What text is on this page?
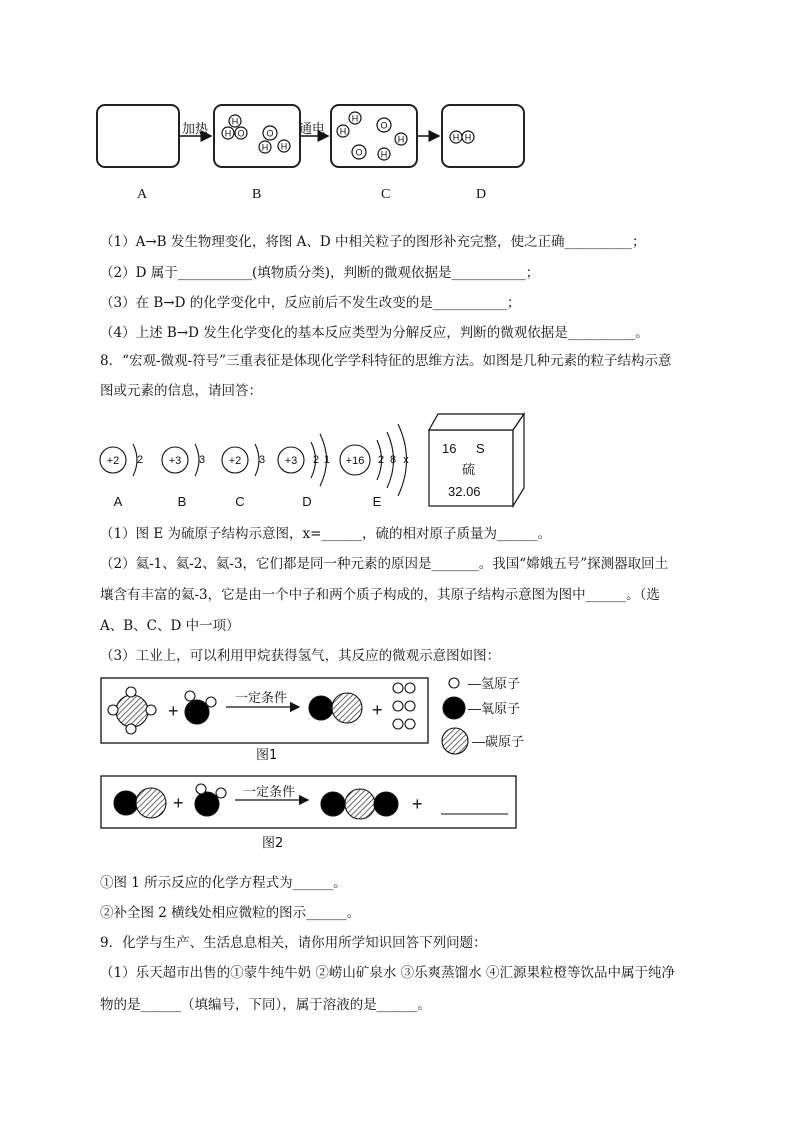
H
H O O
H H
H
H
O
H
O H
H H
加热	通电
A	B	C	D
（1）A→B 发生物理变化，将图 A、D 中相关粒子的图形补充完整，使之正确__________；
（2）D 属于___________(填物质分类)，判断的微观依据是___________；
（3）在 B→D 的化学变化中，反应前后不发生改变的是___________；
（4）上述 B→D 发生化学变化的基本反应类型为分解反应，判断的微观依据是__________。
8．“宏观-微观-符号”三重表征是体现化学学科特征的思维方法。如图是几种元素的粒子结构示意
图或元素的信息，请回答：
+2	+3	+2	+3	+16
2	3	3	2 1	2 8 x
A	B	C	D	E
16 S
硫
32.06
（1）图 E 为硫原子结构示意图，x=______，硫的相对原子质量为______。
（2）氦-1、氦-2、氦-3，它们都是同一种元素的原因是_______。我国“嫦娥五号”探测器取回土
壤含有丰富的氦-3，它是由一个中子和两个质子构成的，其原子结构示意图为图中______。（选
A、B、C、D 中一项）
（3）工业上，可以利用甲烷获得氢气，其反应的微观示意图如图：
+
一定条件
+
—氢原子
—氧原子
—碳原子
图1
+
一定条件
+
图2
①图 1 所示反应的化学方程式为______。
②补全图 2 横线处相应微粒的图示______。
9．化学与生产、生活息息相关，请你用所学知识回答下列问题：
（1）乐天超市出售的①蒙牛纯牛奶 ②崂山矿泉水 ③乐爽蒸馏水 ④汇源果粒橙等饮品中属于纯净
物的是______（填编号，下同），属于溶液的是______。
